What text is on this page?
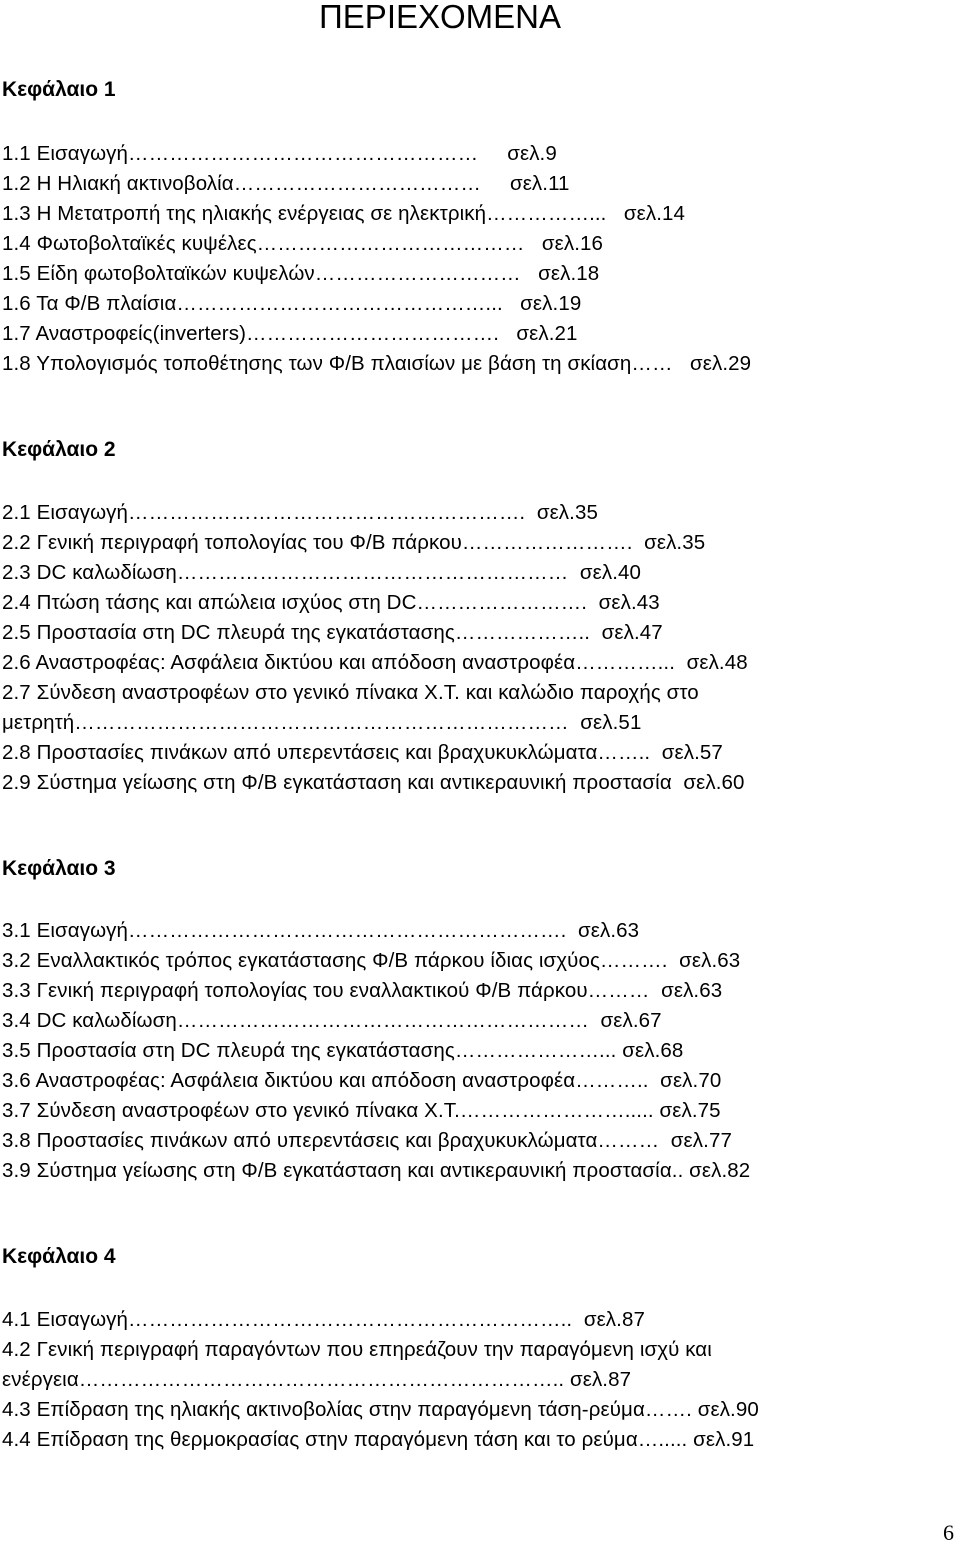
ΠΕΡΙΕΧΟΜΕΝΑ
Κεφάλαιο 1
1.1 Εισαγωγή……………………………………………     σελ.9
1.2 Η Ηλιακή ακτινοβολία………………………………     σελ.11
1.3 Η Μετατροπή της ηλιακής ενέργειας σε ηλεκτρική……………...   σελ.14
1.4 Φωτοβολταϊκές κυψέλες…………………………………   σελ.16
1.5 Είδη φωτοβολταϊκών κυψελών…………………………   σελ.18
1.6 Τα Φ/Β πλαίσια………………………………………...   σελ.19
1.7 Αναστροφείς(inverters)……………………………….   σελ.21
1.8 Υπολογισμός τοποθέτησης των Φ/Β πλαισίων με βάση τη σκίαση……   σελ.29
Κεφάλαιο 2
2.1 Εισαγωγή………………………………………………….  σελ.35
2.2 Γενική περιγραφή τοπολογίας του Φ/Β πάρκου…………………….  σελ.35
2.3 DC καλωδίωση…………………………………………………  σελ.40
2.4 Πτώση τάσης και απώλεια ισχύος στη DC…………………….  σελ.43
2.5 Προστασία στη DC πλευρά της εγκατάστασης………………..  σελ.47
2.6 Αναστροφέας: Ασφάλεια δικτύου και απόδοση αναστροφέα…………...  σελ.48
2.7 Σύνδεση αναστροφέων στο γενικό πίνακα Χ.Τ. και καλώδιο παροχής στο
μετρητή………………………………………………………………  σελ.51
2.8 Προστασίες πινάκων από υπερεντάσεις και βραχυκυκλώματα……..  σελ.57
2.9 Σύστημα γείωσης στη Φ/Β εγκατάσταση και αντικεραυνική προστασία  σελ.60
Κεφάλαιο 3
3.1 Εισαγωγή……………………………………………………….  σελ.63
3.2 Εναλλακτικός τρόπος εγκατάστασης Φ/Β πάρκου ίδιας ισχύος……….  σελ.63
3.3 Γενική περιγραφή τοπολογίας του εναλλακτικού Φ/Β πάρκου………  σελ.63
3.4 DC καλωδίωση……………………………………………………  σελ.67
3.5 Προστασία στη DC πλευρά της εγκατάστασης…………………... σελ.68
3.6 Αναστροφέας: Ασφάλεια δικτύου και απόδοση αναστροφέα………..  σελ.70
3.7 Σύνδεση αναστροφέων στο γενικό πίνακα Χ.Τ.……………………..... σελ.75
3.8 Προστασίες πινάκων από υπερεντάσεις και βραχυκυκλώματα………  σελ.77
3.9 Σύστημα γείωσης στη Φ/Β εγκατάσταση και αντικεραυνική προστασία.. σελ.82
Κεφάλαιο 4
4.1 Εισαγωγή………………………………………………………..  σελ.87
4.2 Γενική περιγραφή παραγόντων που επηρεάζουν την παραγόμενη ισχύ και
ενέργεια…………………………………………………………….. σελ.87
4.3 Επίδραση της ηλιακής ακτινοβολίας στην παραγόμενη τάση-ρεύμα……. σελ.90
4.4 Επίδραση της θερμοκρασίας στην παραγόμενη τάση και το ρεύμα…..... σελ.91
6
